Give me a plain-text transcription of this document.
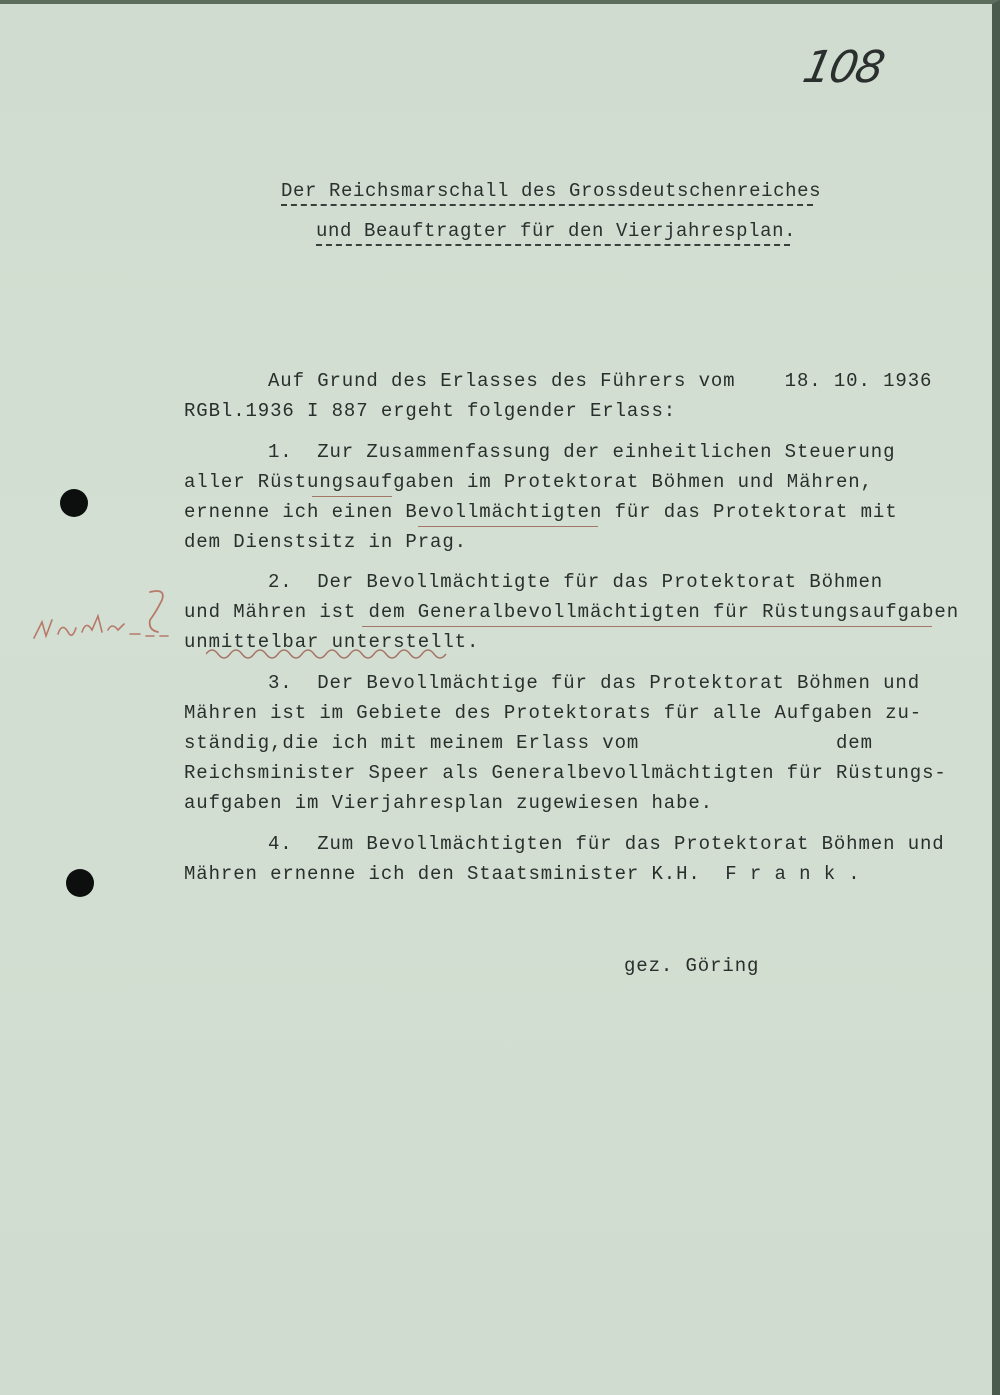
108
Der Reichsmarschall des Grossdeutschenreiches
und Beauftragter für den Vierjahresplan.
Auf Grund des Erlasses des Führers vom    18. 10. 1936
RGBl.1936 I 887 ergeht folgender Erlass:
1.  Zur Zusammenfassung der einheitlichen Steuerung
aller Rüstungsaufgaben im Protektorat Böhmen und Mähren,
ernenne ich einen Bevollmächtigten für das Protektorat mit
dem Dienstsitz in Prag.
2.  Der Bevollmächtigte für das Protektorat Böhmen
und Mähren ist dem Generalbevollmächtigten für Rüstungsaufgaben
unmittelbar unterstellt.
3.  Der Bevollmächtige für das Protektorat Böhmen und
Mähren ist im Gebiete des Protektorats für alle Aufgaben zu-
ständig,die ich mit meinem Erlass vom                dem
Reichsminister Speer als Generalbevollmächtigten für Rüstungs-
aufgaben im Vierjahresplan zugewiesen habe.
4.  Zum Bevollmächtigten für das Protektorat Böhmen und
Mähren ernenne ich den Staatsminister K.H.  F r a n k .
gez. Göring
